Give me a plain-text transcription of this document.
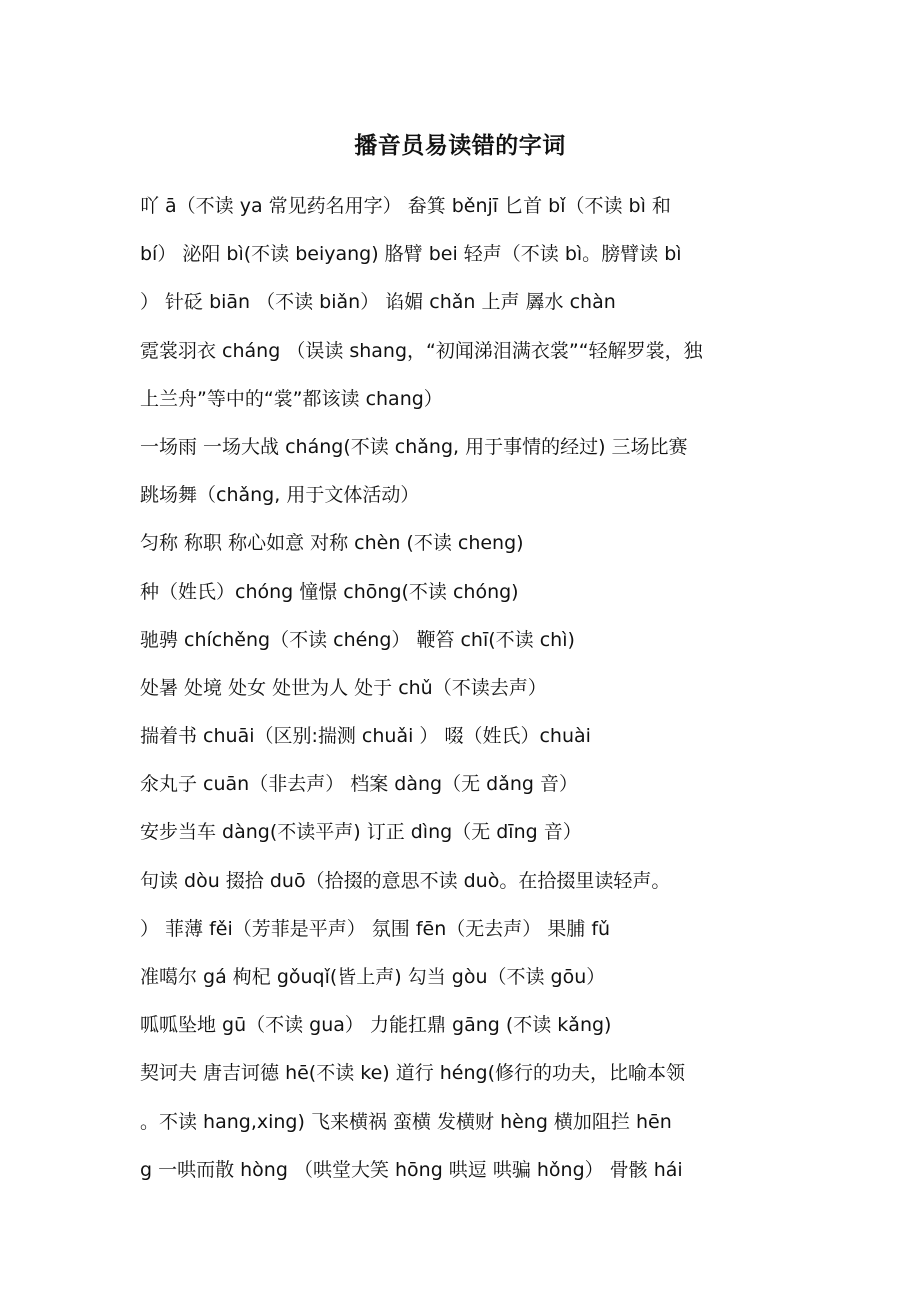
播音员易读错的字词
吖 ā（不读 ya 常见药名用字） 畚箕 běnjī 匕首 bǐ（不读 bì 和
bí） 泌阳 bì(不读 beiyang) 胳臂 bei 轻声（不读 bì。膀臂读 bì
） 针砭 biān （不读 biǎn） 谄媚 chǎn 上声 羼水 chàn
霓裳羽衣 cháng （误读 shang，“初闻涕泪满衣裳”“轻解罗裳，独
上兰舟”等中的“裳”都该读 chang）
一场雨 一场大战 cháng(不读 chǎng, 用于事情的经过) 三场比赛
跳场舞（chǎng, 用于文体活动）
匀称 称职 称心如意 对称 chèn (不读 cheng)
种（姓氏）chóng 憧憬 chōng(不读 chóng)
驰骋 chíchěng（不读 chéng） 鞭笞 chī(不读 chì)
处暑 处境 处女 处世为人 处于 chǔ（不读去声）
揣着书 chuāi（区别:揣测 chuǎi ） 啜（姓氏）chuài
氽丸子 cuān（非去声） 档案 dàng（无 dǎng 音）
安步当车 dàng(不读平声) 订正 dìng（无 dīng 音）
句读 dòu 掇拾 duō（拾掇的意思不读 duò。在拾掇里读轻声。
） 菲薄 fěi（芳菲是平声） 氛围 fēn（无去声） 果脯 fǔ
准噶尔 gá 枸杞 gǒuqǐ(皆上声) 勾当 gòu（不读 gōu）
呱呱坠地 gū（不读 gua） 力能扛鼎 gāng (不读 kǎng)
契诃夫 唐吉诃德 hē(不读 ke) 道行 héng(修行的功夫，比喻本领
。不读 hang,xing) 飞来横祸 蛮横 发横财 hèng 横加阻拦 hēn
g 一哄而散 hòng （哄堂大笑 hōng 哄逗 哄骗 hǒng） 骨骸 hái
